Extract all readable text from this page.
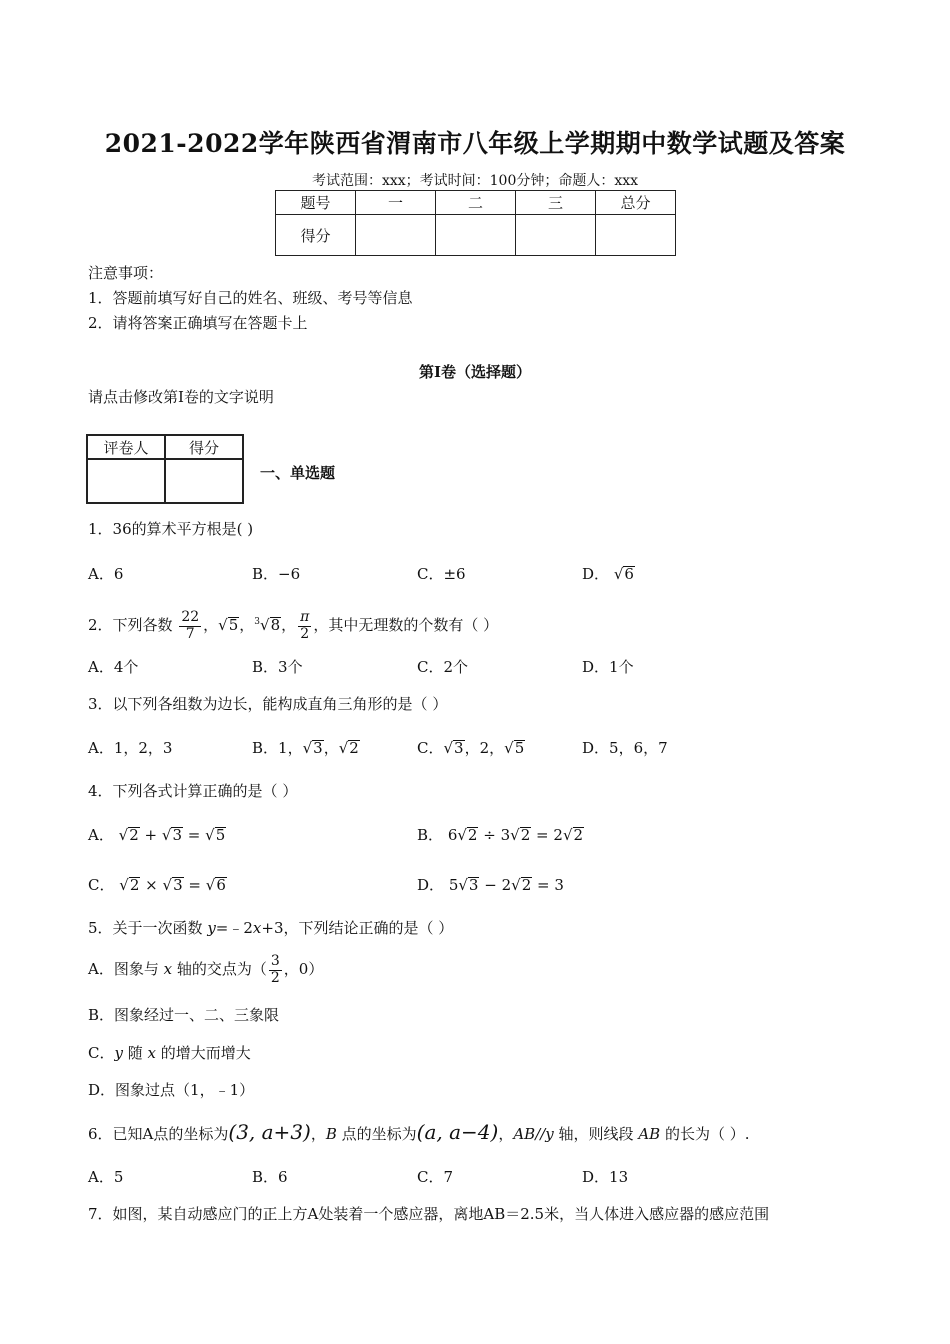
2021-2022学年陕西省渭南市八年级上学期期中数学试题及答案
考试范围：xxx；考试时间：100分钟；命题人：xxx
题号	一	二	三	总分
得分				
注意事项：
1．答题前填写好自己的姓名、班级、考号等信息
2．请将答案正确填写在答题卡上
第I卷（选择题）
请点击修改第I卷的文字说明
评卷人	得分

一、单选题
1．36的算术平方根是( )
A．6	B．−6	C．±6	D． √6
2．下列各数 $\frac{22}{7}$ ，√5，$^3$√8， $\frac{\pi}{2}$ ，其中无理数的个数有（ ）
A．4个	B．3个	C．2个	D．1个
3．以下列各组数为边长，能构成直角三角形的是（ ）
A．1，2，3	B．1，√3，√2	C．√3，2，√5	D．5，6，7
4．下列各式计算正确的是（ ）
A． √2 + √3 = √5	B． 6√2 ÷ 3√2 = 2√2
C． √2 × √3 = √6	D． 5√3 − 2√2 = 3
5．关于一次函数 y=﹣2x+3，下列结论正确的是（ ）
A．图象与 x 轴的交点为（ $\frac{3}{2}$ ，0）
B．图象经过一、二、三象限
C．y 随 x 的增大而增大
D．图象过点（1，﹣1）
6．已知A点的坐标为(3, a+3)，B 点的坐标为(a, a−4)，AB//y 轴，则线段 AB 的长为（ ）.
A．5	B．6	C．7	D．13
7．如图，某自动感应门的正上方A处装着一个感应器，离地AB＝2.5米，当人体进入感应器的感应范围
